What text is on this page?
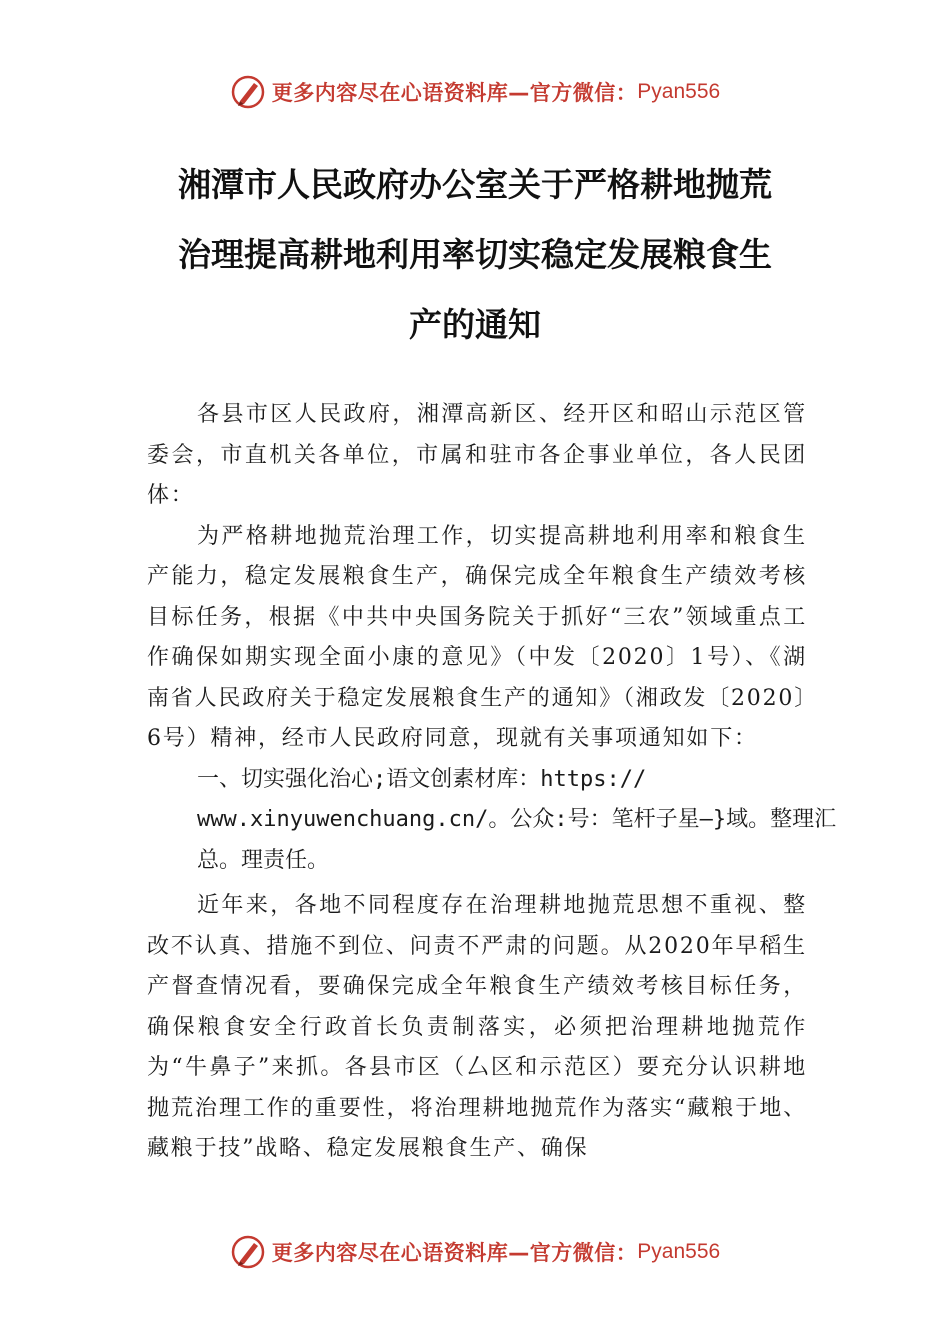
更多内容尽在心语资料库—官方微信： Pyan556
湘潭市人民政府办公室关于严格耕地抛荒
治理提高耕地利用率切实稳定发展粮食生
产的通知

各县市区人民政府，湘潭高新区、经开区和昭山示范区管委会，市直机关各单位，市属和驻市各企事业单位，各人民团体：

为严格耕地抛荒治理工作，切实提高耕地利用率和粮食生产能力，稳定发展粮食生产，确保完成全年粮食生产绩效考核目标任务，根据《中共中央国务院关于抓好“三农”领域重点工作确保如期实现全面小康的意见》（中发〔2020〕1号）、《湖南省人民政府关于稳定发展粮食生产的通知》（湘政发〔2020〕6号）精神，经市人民政府同意，现就有关事项通知如下：

一、切实强化治心;语文创素材库：https://
www.xinyuwenchuang.cn/。公众:号：笔杆子星—}域。整理汇总。理责任。

近年来，各地不同程度存在治理耕地抛荒思想不重视、整改不认真、措施不到位、问责不严肃的问题。从2020年早稻生产督查情况看，要确保完成全年粮食生产绩效考核目标任务，确保粮食安全行政首长负责制落实，必须把治理耕地抛荒作为“牛鼻子”来抓。各县市区（厶区和示范区）要充分认识耕地抛荒治理工作的重要性，将治理耕地抛荒作为落实“藏粮于地、藏粮于技”战略、稳定发展粮食生产、确保

更多内容尽在心语资料库—官方微信： Pyan556
